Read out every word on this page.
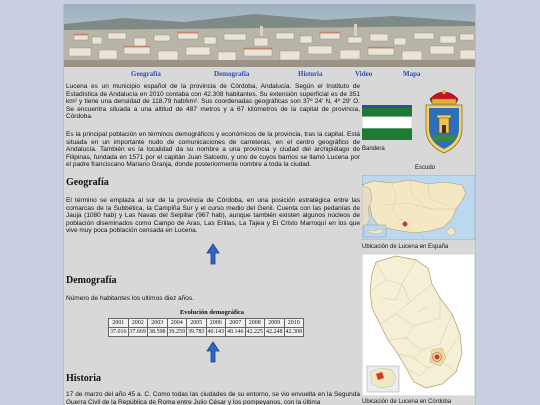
Geografía	Demografía	Historia	Video	Mapa

Lucena es un municipio español de la provincia de Córdoba, Andalucía. Según el Instituto de Estadística de Andalucía en 2010 contaba con 42.308 habitantes. Su extensión superficial es de 351 km² y tiene una densidad de 118,79 hab/km². Sus coordenadas geográficas son 37º 24' N, 4º 29' O. Se encuentra situada a una altitud de 487 metros y a 67 kilómetros de la capital de provincia, Córdoba.

Es la principal población en términos demográficos y económicos de la provincia, tras la capital. Está situada en un importante nudo de comunicaciones de carreteras, en el centro geográfico de Andalucía. También es la localidad da su nombre a una provincia y ciudad del archipiélago de Filipinas, fundada en 1571 por el capitán Juan Salcedo, y uno de cuyos barrios se llamó Lucena por el padre franciscano Mariano Granja, donde posteriormente nombre a toda la ciudad.

Geografía

El término se emplaza al sur de la provincia de Córdoba, en una posición estratégica entre las comarcas de la Subbética, la Campiña Sur y el curso medio del Genil. Cuenta con las pedanías de Jauja (1080 hab) y Las Navas del Selpillar (967 hab), aunque también existen algunos núcleos de población diseminados como Campo de Aras, Las Erillas, La Tajea y El Cristo Marroquí en los que vive muy poca población censada en Lucena.

Demografía

Número de habitantes los ultimos diez años.

Evolución demográfica
2001	2002	2003	2004	2005	2006	2007	2008	2009	2010
37.016	37.669	38.598	39.259	39.783	40.143	40.146	42.225	42.248	42.308
Historia

17 de marzo del año 45 a. C. Como todas las ciudades de su entorno, se vio envuelta en la Segunda Guerra Civil de la República de Roma entre Julio César y los pompeyanos, con la última

Bandera
Escudo
Ubicación de Lucena en España
Ubicación de Lucena en Córdoba
